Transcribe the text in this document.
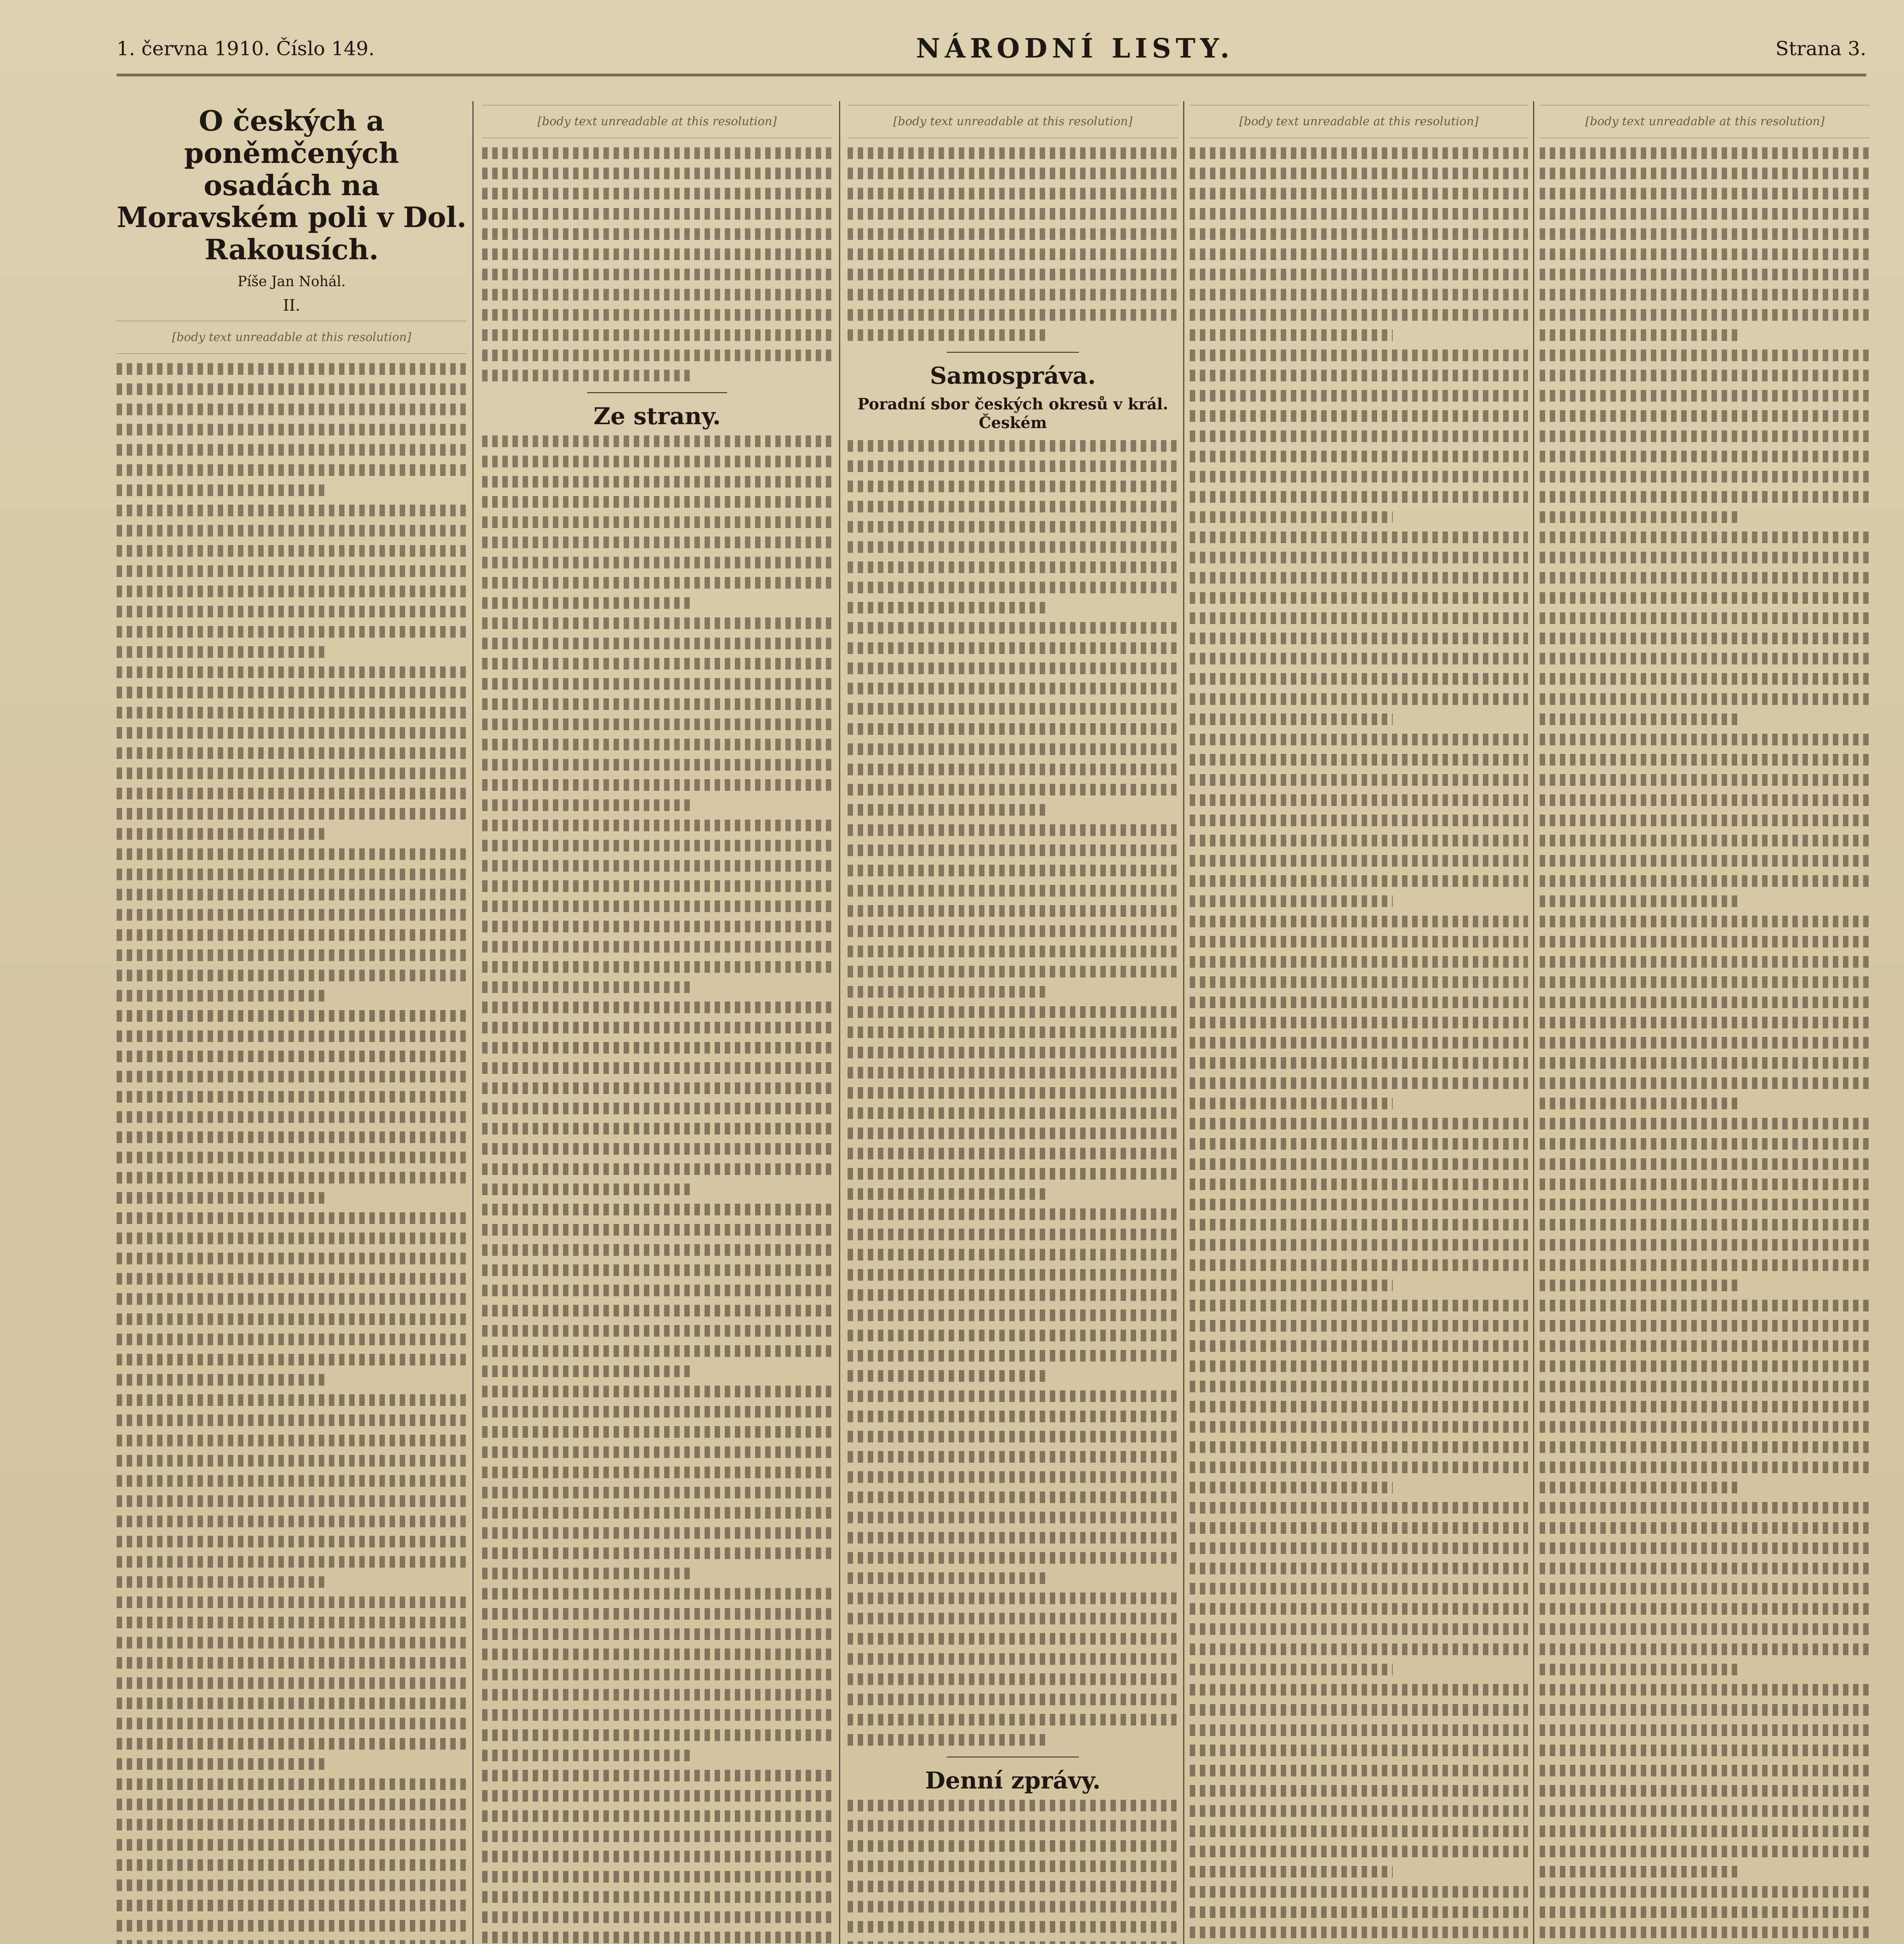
1. června 1910. Číslo 149.	NÁRODNÍ LISTY.	Strana 3.
O českých a poněmčených osadách na Moravském poli v Dol. Rakousích.
Píše Jan Nohál.
II.
[body text unreadable at this resolution]
[body text unreadable at this resolution]
Ze strany.
[body text unreadable at this resolution]
Samospráva.
Poradní sbor českých okresů v král. Českém
Denní zprávy.
[body text unreadable at this resolution]	[body text unreadable at this resolution]
